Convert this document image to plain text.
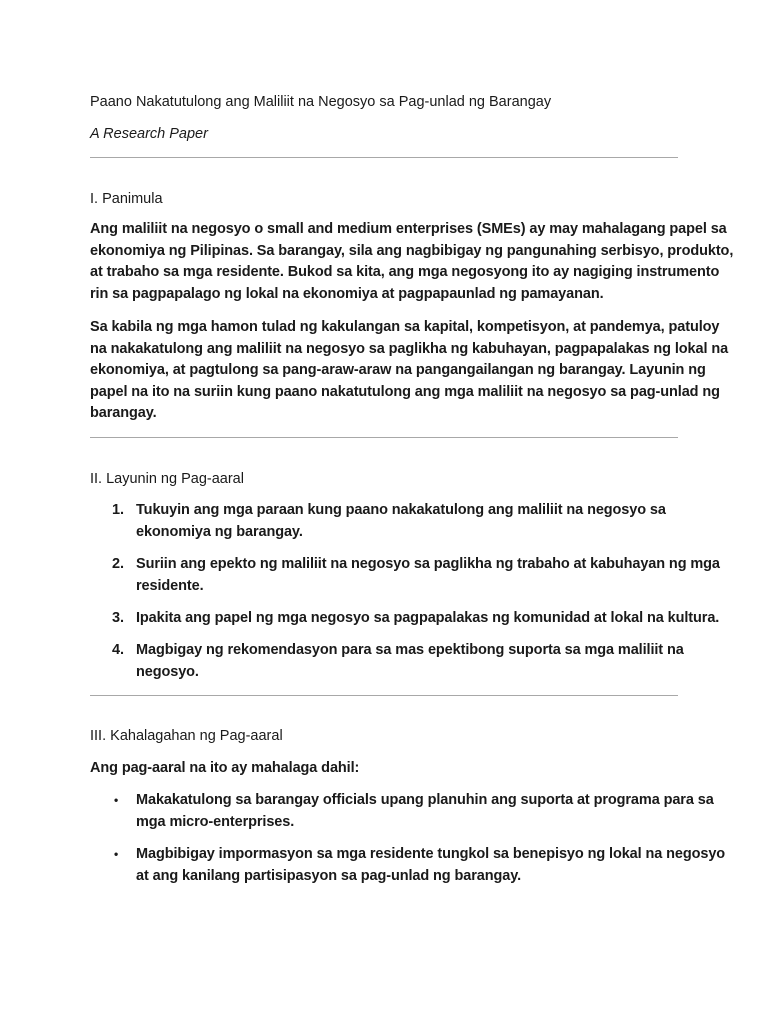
Paano Nakatutulong ang Maliliit na Negosyo sa Pag-unlad ng Barangay
A Research Paper
I. Panimula
Ang maliliit na negosyo o small and medium enterprises (SMEs) ay may mahalagang papel sa
ekonomiya ng Pilipinas. Sa barangay, sila ang nagbibigay ng pangunahing serbisyo, produkto,
at trabaho sa mga residente. Bukod sa kita, ang mga negosyong ito ay nagiging instrumento
rin sa pagpapalago ng lokal na ekonomiya at pagpapaunlad ng pamayanan.
Sa kabila ng mga hamon tulad ng kakulangan sa kapital, kompetisyon, at pandemya, patuloy
na nakakatulong ang maliliit na negosyo sa paglikha ng kabuhayan, pagpapalakas ng lokal na
ekonomiya, at pagtulong sa pang-araw-araw na pangangailangan ng barangay. Layunin ng
papel na ito na suriin kung paano nakatutulong ang mga maliliit na negosyo sa pag-unlad ng
barangay.
II. Layunin ng Pag-aaral
1. Tukuyin ang mga paraan kung paano nakakatulong ang maliliit na negosyo sa
ekonomiya ng barangay.
2. Suriin ang epekto ng maliliit na negosyo sa paglikha ng trabaho at kabuhayan ng mga
residente.
3. Ipakita ang papel ng mga negosyo sa pagpapalakas ng komunidad at lokal na kultura.
4. Magbigay ng rekomendasyon para sa mas epektibong suporta sa mga maliliit na
negosyo.
III. Kahalagahan ng Pag-aaral
Ang pag-aaral na ito ay mahalaga dahil:
• Makakatulong sa barangay officials upang planuhin ang suporta at programa para sa
mga micro-enterprises.
• Magbibigay impormasyon sa mga residente tungkol sa benepisyo ng lokal na negosyo
at ang kanilang partisipasyon sa pag-unlad ng barangay.
